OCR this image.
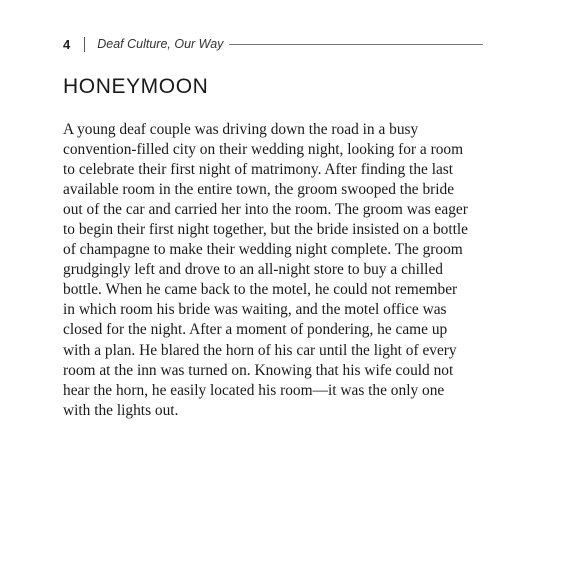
4 Deaf Culture, Our Way
HONEYMOON

A young deaf couple was driving down the road in a busy
convention-filled city on their wedding night, looking for a room
to celebrate their first night of matrimony. After finding the last
available room in the entire town, the groom swooped the bride
out of the car and carried her into the room. The groom was eager
to begin their first night together, but the bride insisted on a bottle
of champagne to make their wedding night complete. The groom
grudgingly left and drove to an all-night store to buy a chilled
bottle. When he came back to the motel, he could not remember
in which room his bride was waiting, and the motel office was
closed for the night. After a moment of pondering, he came up
with a plan. He blared the horn of his car until the light of every
room at the inn was turned on. Knowing that his wife could not
hear the horn, he easily located his room—it was the only one
with the lights out.
